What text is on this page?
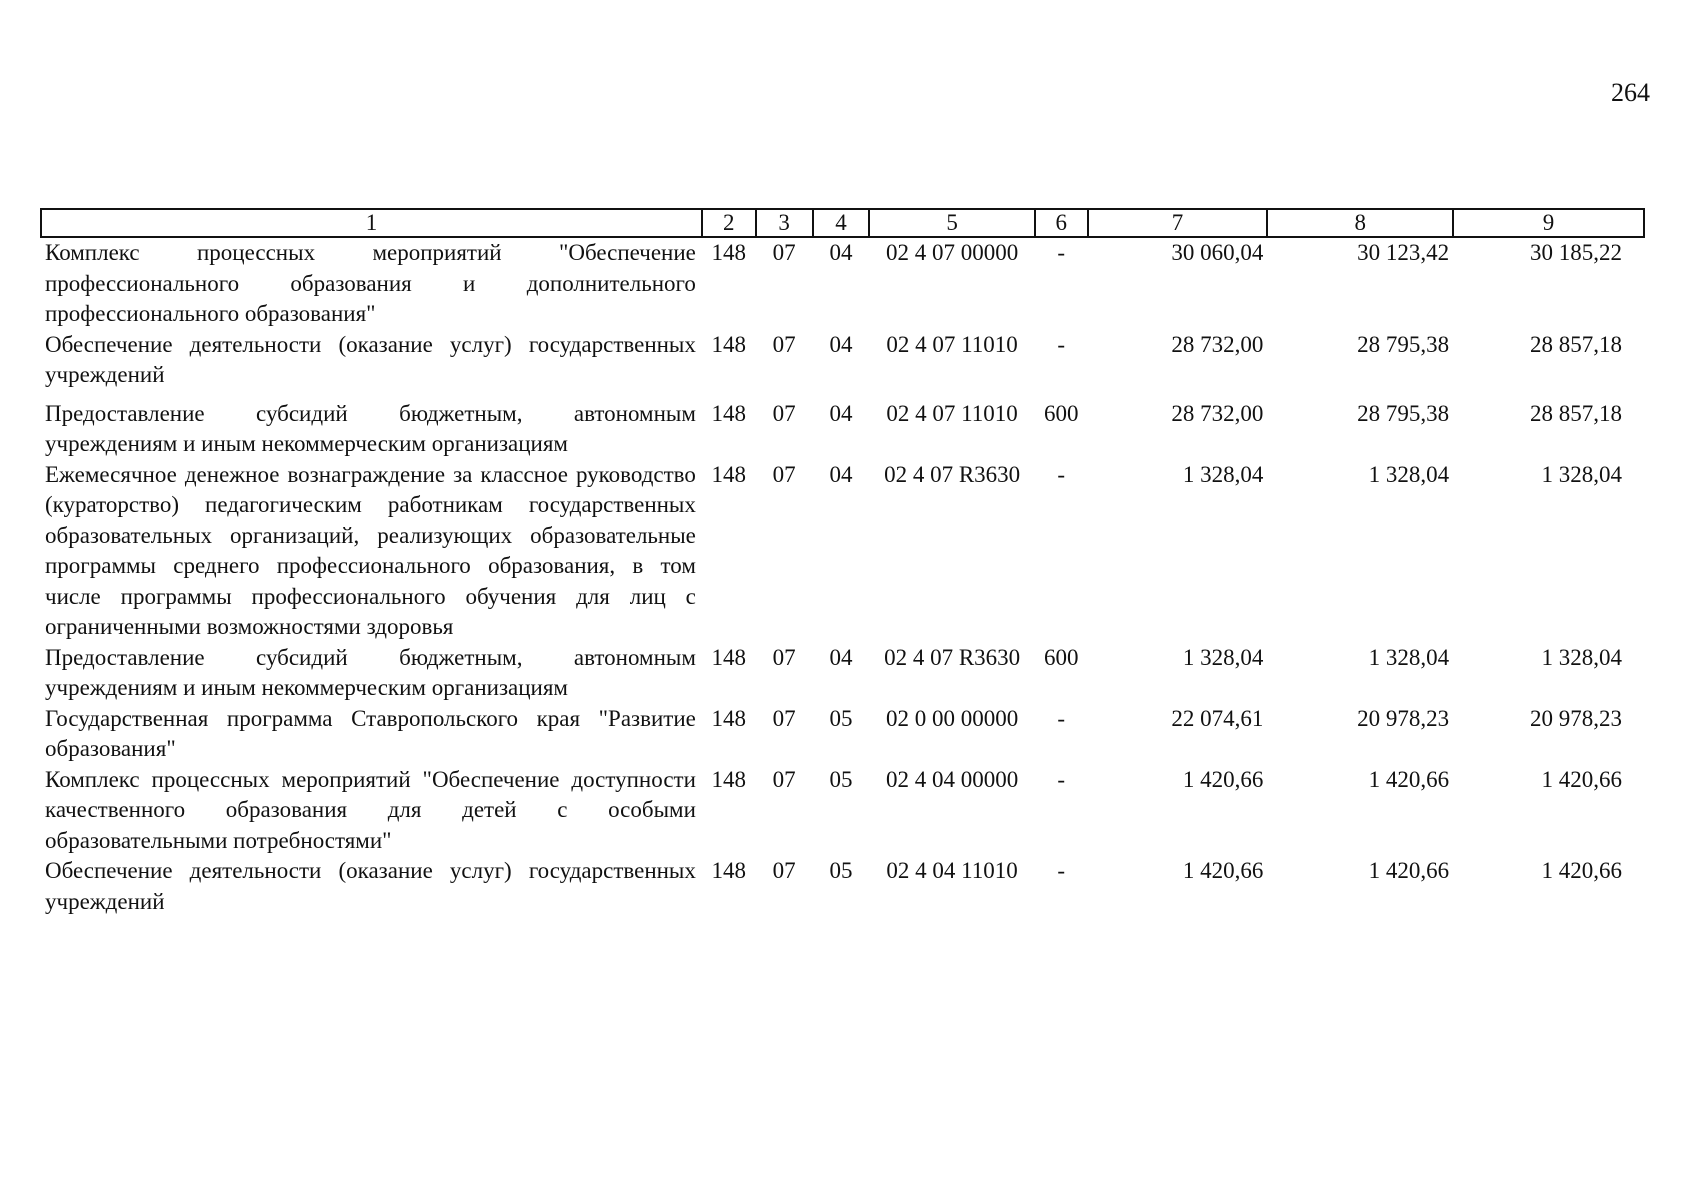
264
1	2	3	4	5	6	7	8	9
Комплекс процессных мероприятий "Обеспечение профессионального образования и дополнительного профессионального образования"	148	07	04	02 4 07 00000	-	30 060,04	30 123,42	30 185,22
Обеспечение деятельности (оказание услуг) государственных учреждений	148	07	04	02 4 07 11010	-	28 732,00	28 795,38	28 857,18
Предоставление субсидий бюджетным, автономным учреждениям и иным некоммерческим организациям	148	07	04	02 4 07 11010	600	28 732,00	28 795,38	28 857,18
Ежемесячное денежное вознаграждение за классное руководство (кураторство) педагогическим работникам государственных образовательных организаций, реализующих образовательные программы среднего профессионального образования, в том числе программы профессионального обучения для лиц с ограниченными возможностями здоровья	148	07	04	02 4 07 R3630	-	1 328,04	1 328,04	1 328,04
Предоставление субсидий бюджетным, автономным учреждениям и иным некоммерческим организациям	148	07	04	02 4 07 R3630	600	1 328,04	1 328,04	1 328,04
Государственная программа Ставропольского края "Развитие образования"	148	07	05	02 0 00 00000	-	22 074,61	20 978,23	20 978,23
Комплекс процессных мероприятий "Обеспечение доступности качественного образования для детей с особыми образовательными потребностями"	148	07	05	02 4 04 00000	-	1 420,66	1 420,66	1 420,66
Обеспечение деятельности (оказание услуг) государственных учреждений	148	07	05	02 4 04 11010	-	1 420,66	1 420,66	1 420,66
